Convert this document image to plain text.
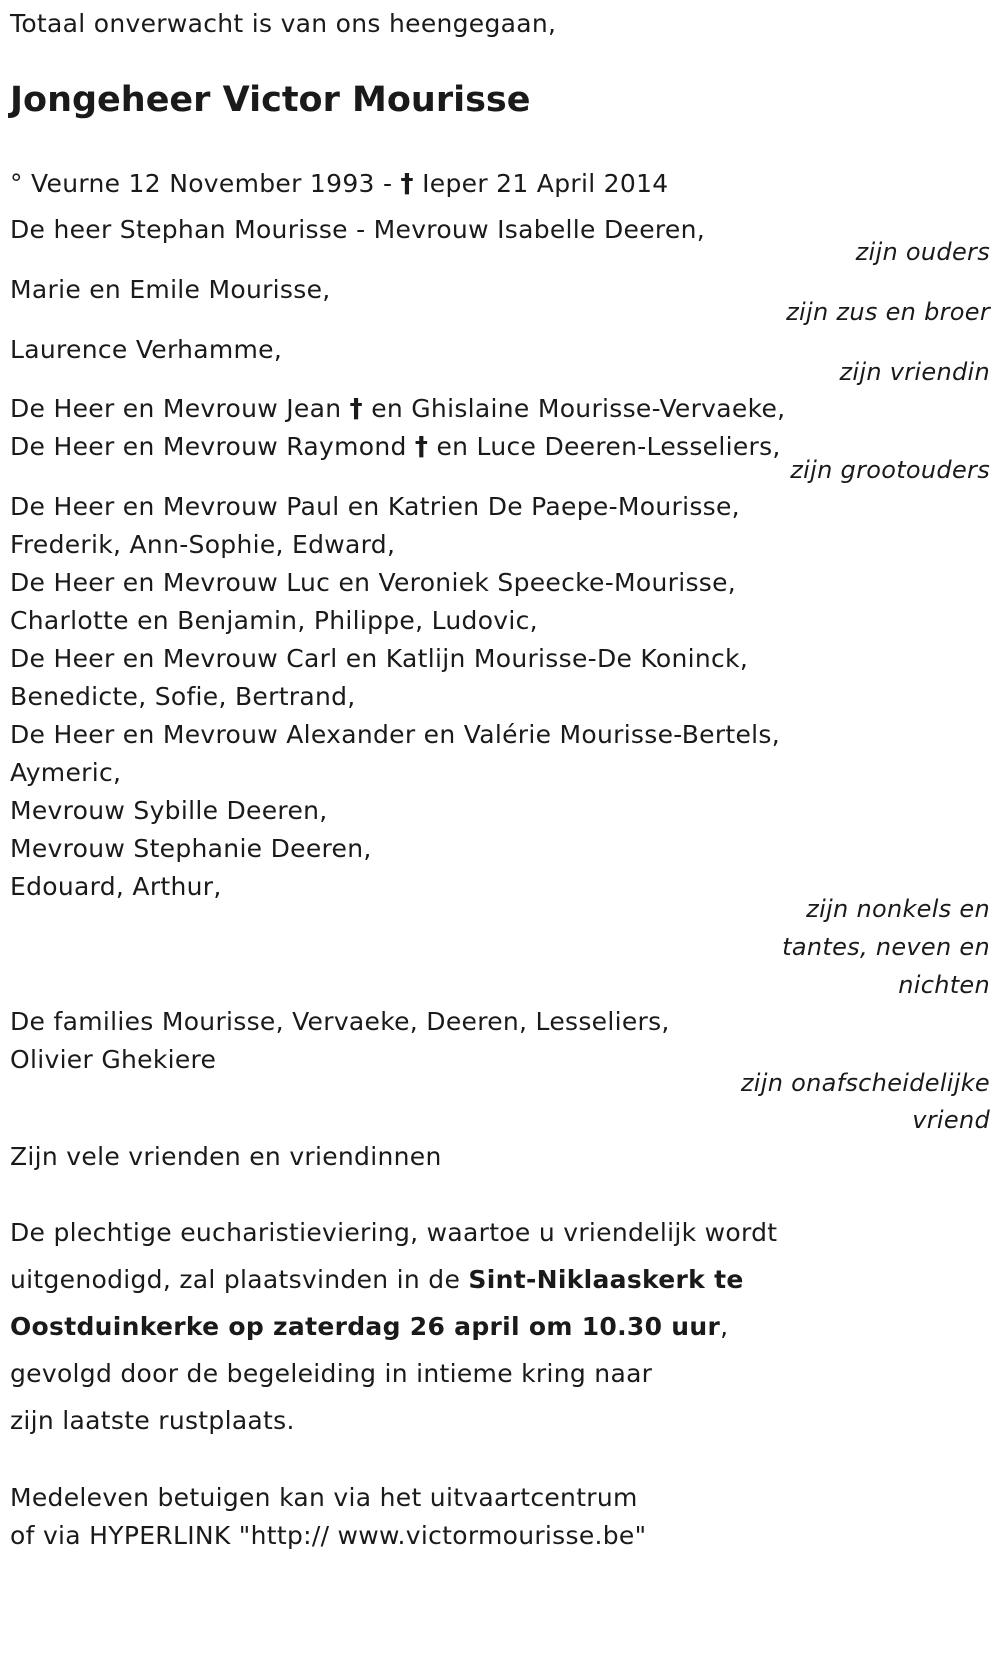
Totaal onverwacht is van ons heengegaan,
Jongeheer Victor Mourisse
° Veurne 12 November 1993 - † Ieper 21 April 2014
De heer Stephan Mourisse - Mevrouw Isabelle Deeren,
zijn ouders
Marie en Emile Mourisse,
zijn zus en broer
Laurence Verhamme,
zijn vriendin
De Heer en Mevrouw Jean † en Ghislaine Mourisse-Vervaeke,
De Heer en Mevrouw Raymond † en Luce Deeren-Lesseliers,
zijn grootouders
De Heer en Mevrouw Paul en Katrien De Paepe-Mourisse,
Frederik, Ann-Sophie, Edward,
De Heer en Mevrouw Luc en Veroniek Speecke-Mourisse,
Charlotte en Benjamin, Philippe, Ludovic,
De Heer en Mevrouw Carl en Katlijn Mourisse-De Koninck,
Benedicte, Sofie, Bertrand,
De Heer en Mevrouw Alexander en Valérie Mourisse-Bertels,
Aymeric,
Mevrouw Sybille Deeren,
Mevrouw Stephanie Deeren,
Edouard, Arthur,
zijn nonkels en
tantes, neven en
nichten
De families Mourisse, Vervaeke, Deeren, Lesseliers,
Olivier Ghekiere
zijn onafscheidelijke
vriend
Zijn vele vrienden en vriendinnen
De plechtige eucharistieviering, waartoe u vriendelijk wordt
uitgenodigd, zal plaatsvinden in de Sint-Niklaaskerk te
Oostduinkerke op zaterdag 26 april om 10.30 uur,
gevolgd door de begeleiding in intieme kring naar
zijn laatste rustplaats.
Medeleven betuigen kan via het uitvaartcentrum
of via HYPERLINK "http:// www.victormourisse.be"
